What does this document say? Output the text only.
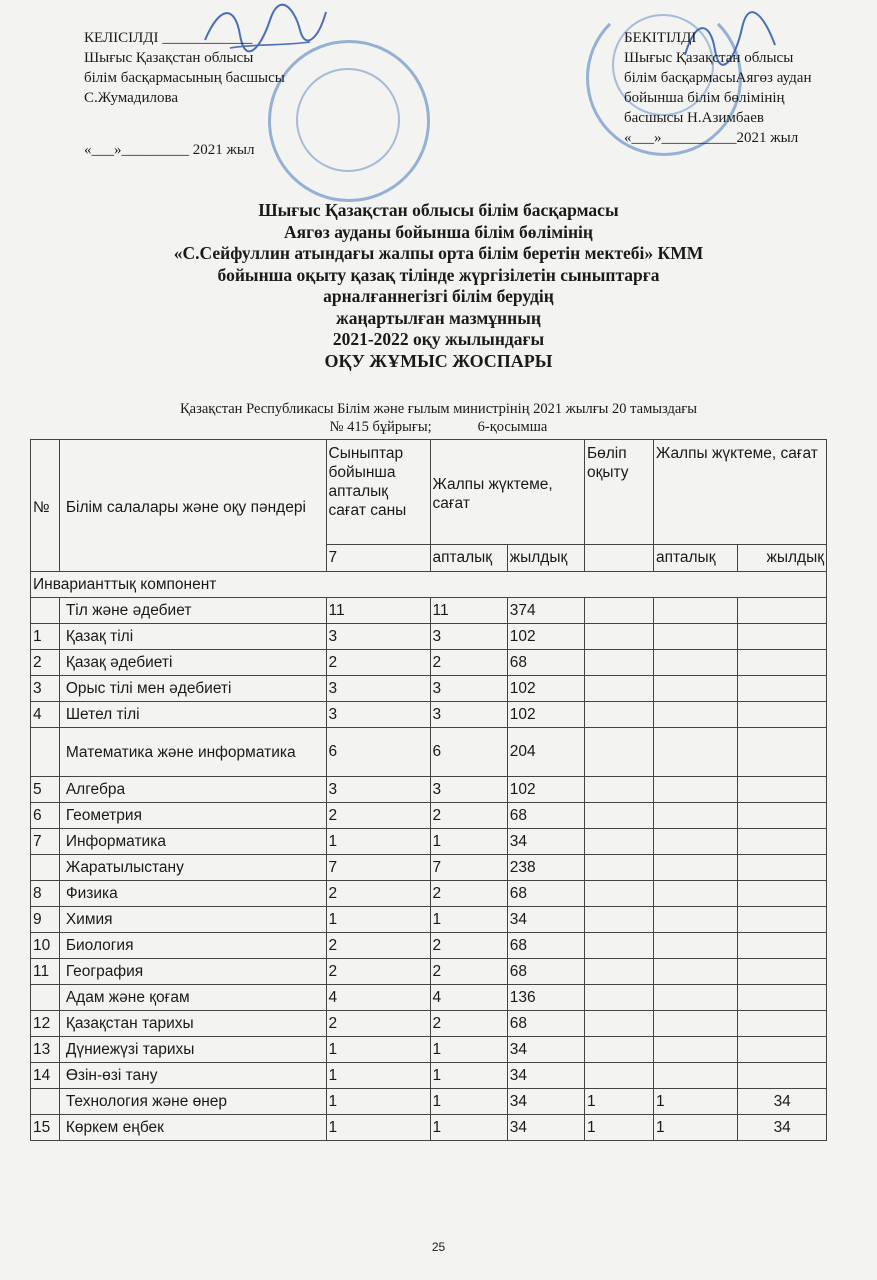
КЕЛІСІЛДІ ____________
Шығыс Қазақстан облысы
білім басқармасының басшысы
С.Жумадилова
«___»_________ 2021 жыл
БЕКІТІЛДІ
Шығыс Қазақстан облысы
білім басқармасыАягөз аудан
бойынша білім бөлімінің
басшысы Н.Азимбаев
«___»__________2021 жыл
Шығыс Қазақстан облысы білім басқармасы
Аягөз ауданы бойынша білім бөлімінің
«С.Сейфуллин атындағы жалпы орта білім беретін мектебі» КММ
бойынша оқыту қазақ тілінде жүргізілетін сыныптарға
арналғаннегізгі білім берудің
жаңартылған мазмұнның
2021-2022 оқу жылындағы
ОҚУ ЖҰМЫС ЖОСПАРЫ
Қазақстан Республикасы Білім және ғылым министрінің 2021 жылғы 20 тамыздағы
№ 415 бұйрығы;	6-қосымша
№	Білім салалары және оқу пәндері	Сыныптар бойынша апталық сағат саны	Жалпы жүктеме, сағат		Бөліп оқыту	Жалпы жүктеме, сағат	
		7	апталық	жылдық		апталық	жылдық
Инварианттық компонент							
	Тіл және әдебиет	11	11	374			
1	Қазақ тілі	3	3	102			
2	Қазақ әдебиеті	2	2	68			
3	Орыс тілі мен әдебиеті	3	3	102			
4	Шетел тілі	3	3	102			
	Математика және информатика	6	6	204			
5	Алгебра	3	3	102			
6	Геометрия	2	2	68			
7	Информатика	1	1	34			
	Жаратылыстану	7	7	238			
8	Физика	2	2	68			
9	Химия	1	1	34			
10	Биология	2	2	68			
11	География	2	2	68			
	Адам және қоғам	4	4	136			
12	Қазақстан тарихы	2	2	68			
13	Дүниежүзі тарихы	1	1	34			
14	Өзін-өзі тану	1	1	34			
	Технология және өнер	1	1	34	1	1	34
15	Көркем еңбек	1	1	34	1	1	34
25
